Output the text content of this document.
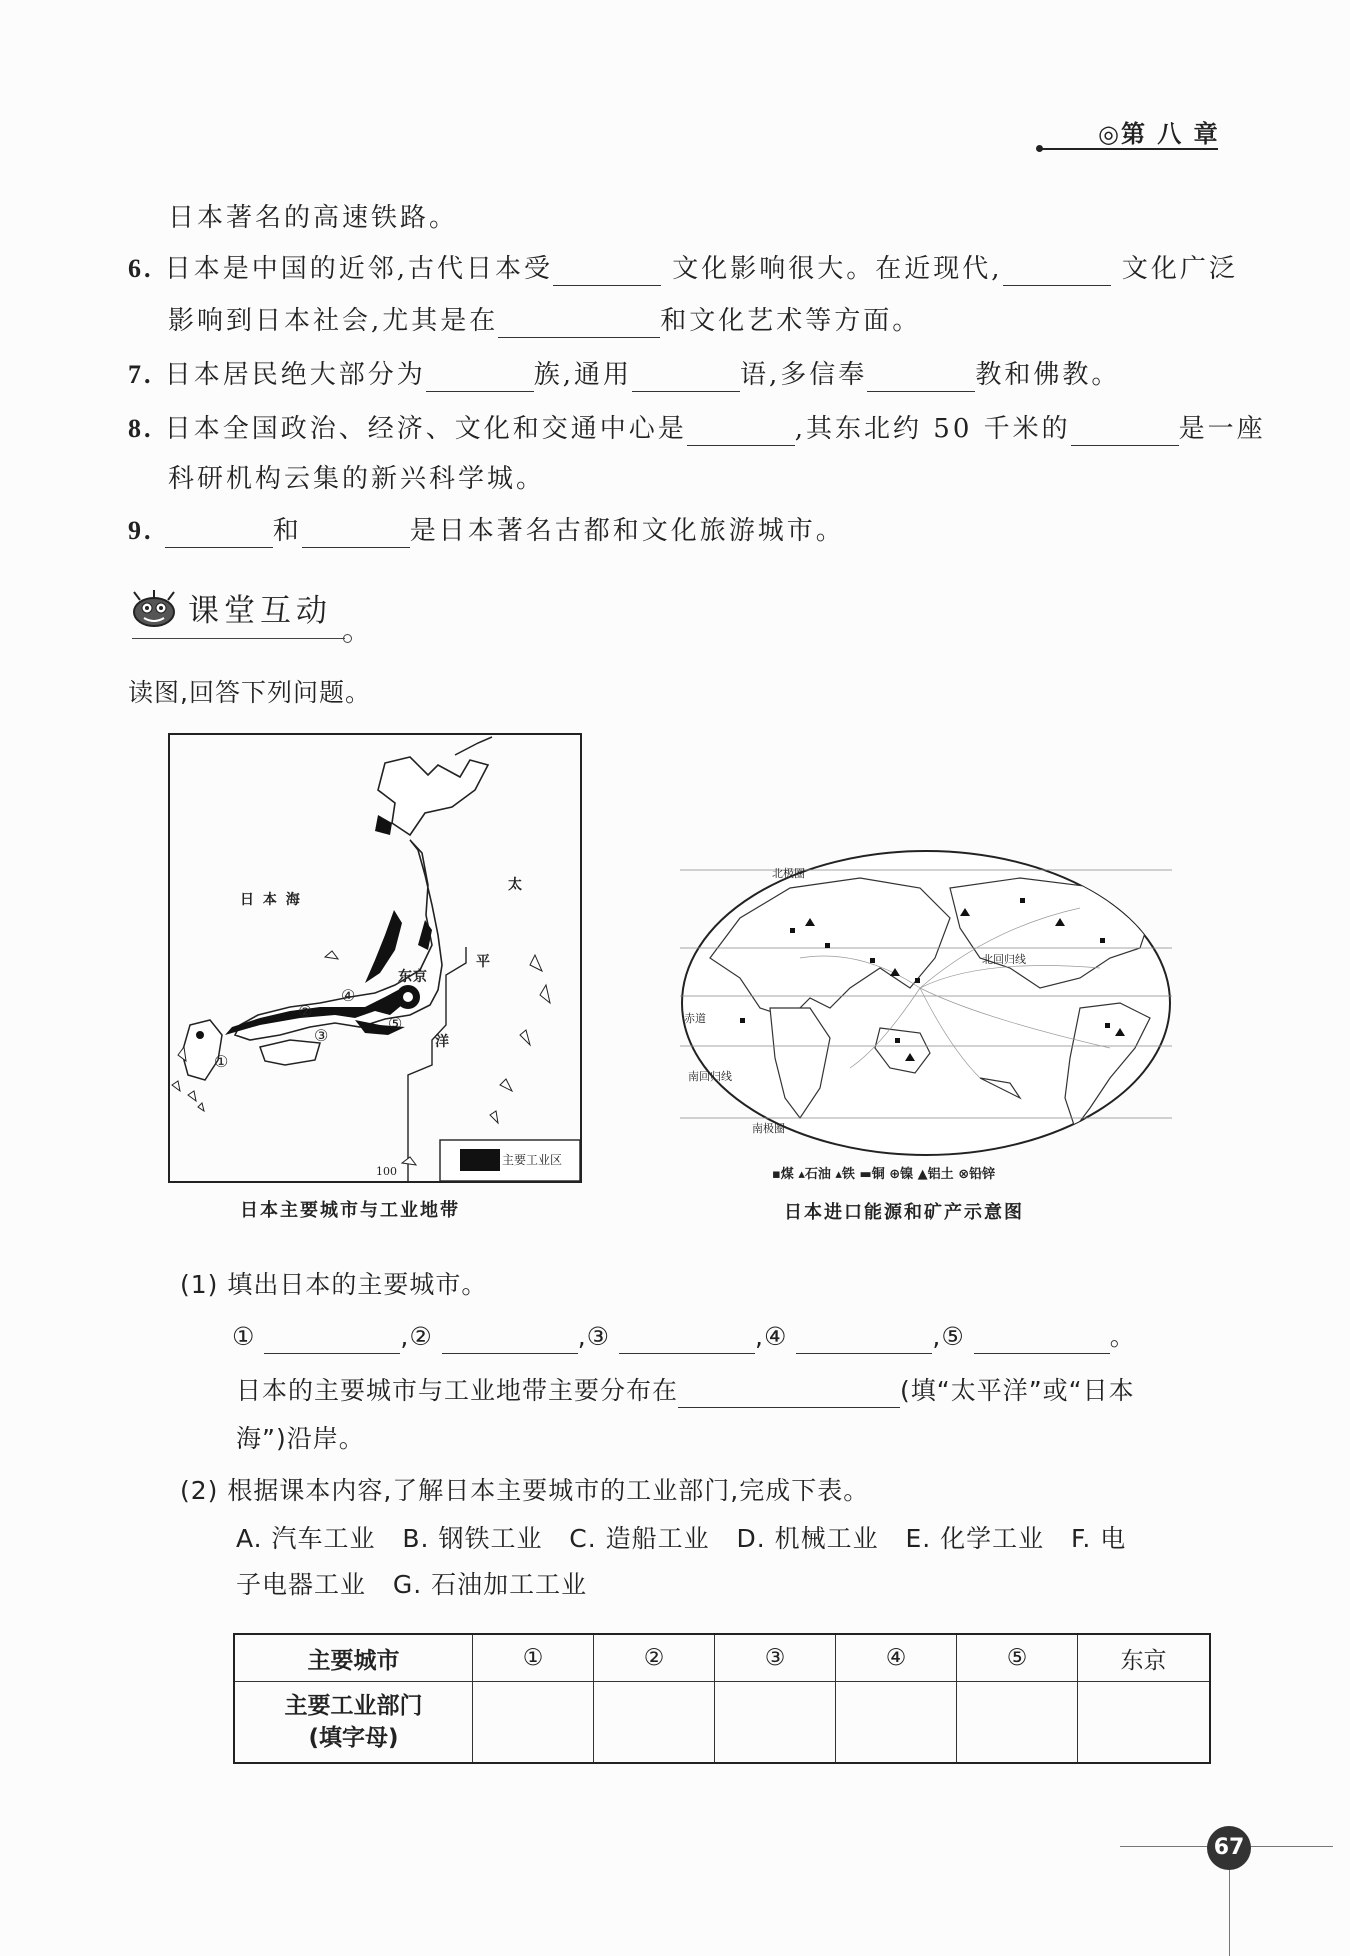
◎第 八 章
日本著名的高速铁路。
6. 日本是中国的近邻,古代日本受	文化影响很大。在近现代,	文化广泛
影响到日本社会,尤其是在	和文化艺术等方面。
7. 日本居民绝大部分为	族,通用	语,多信奉	教和佛教。
8. 日本全国政治、经济、文化和交通中心是	,其东北约 50 千米的	是一座
科研机构云集的新兴科学城。
9.	和	是日本著名古都和文化旅游城市。
课堂互动
读图,回答下列问题。
日 本 海
太
平
洋
东京
①
②
③
④
⑤
主要工业区
100
日本主要城市与工业地带
北极圈
北回归线
赤道
南回归线
南极圈
▪煤 ▴石油 ▴铁 ▬铜 ⊕镍 ▲铝土 ⊗铅锌
日本进口能源和矿产示意图
(1) 填出日本的主要城市。
①	,②	,③	,④	,⑤	。
日本的主要城市与工业地带主要分布在	(填“太平洋”或“日本
海”)沿岸。
(2) 根据课本内容,了解日本主要城市的工业部门,完成下表。
A. 汽车工业   B. 钢铁工业   C. 造船工业   D. 机械工业   E. 化学工业   F. 电
子电器工业   G. 石油加工工业
主要城市	①	②	③	④	⑤	东京

主要工业部门
(填字母)						

67
